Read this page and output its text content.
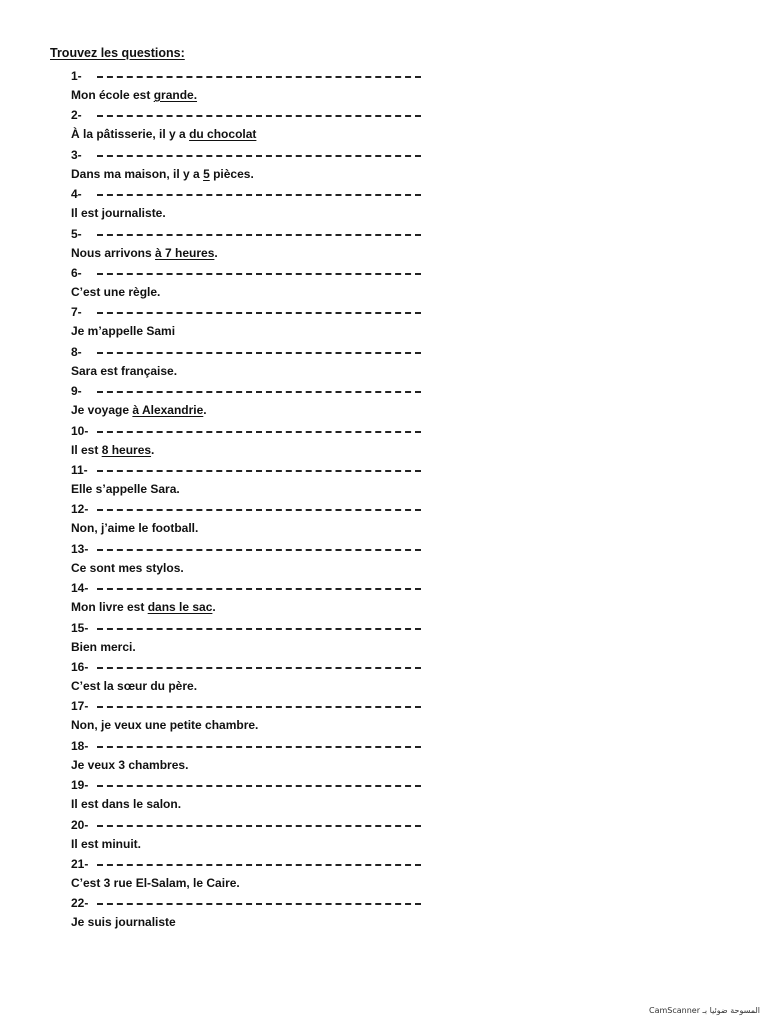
Trouvez les questions:
1-
Mon école est grande.
2-
À la pâtisserie, il y a du chocolat
3-
Dans ma maison, il y a 5 pièces.
4-
Il est journaliste.
5-
Nous arrivons à 7 heures.
6-
C’est une règle.
7-
Je m’appelle Sami
8-
Sara est française.
9-
Je voyage à Alexandrie.
10-
Il est 8 heures.
11-
Elle s’appelle Sara.
12-
Non, j’aime le football.
13-
Ce sont mes stylos.
14-
Mon livre est dans le sac.
15-
Bien merci.
16-
C’est la sœur du père.
17-
Non, je veux une petite chambre.
18-
Je veux 3 chambres.
19-
Il est dans le salon.
20-
Il est minuit.
21-
C’est 3 rue El-Salam, le Caire.
22-
Je suis journaliste
CamScanner المسوحة ضوئيا بـ
